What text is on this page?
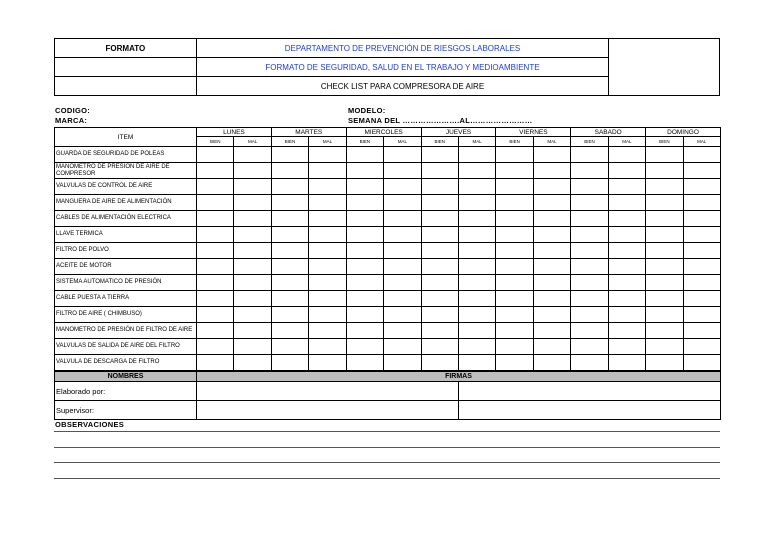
FORMATO	DEPARTAMENTO DE PREVENCIÓN DE RIESGOS LABORALES	
	FORMATO DE SEGURIDAD, SALUD EN EL TRABAJO Y MEDIOAMBIENTE	
	CHECK LIST PARA COMPRESORA DE AIRE	
CODIGO:
MARCA:
MODELO:
SEMANA DEL ………………….AL……………………
ITEM	LUNES		MARTES		MIERCOLES		JUEVES		VIERNES		SABADO		DOMINGO	
	BIEN	MAL	BIEN	MAL	BIEN	MAL	BIEN	MAL	BIEN	MAL	BIEN	MAL	BIEN	MAL
GUARDA DE SEGURIDAD DE POLEAS														
MANOMETRO DE PRESIÓN DE AIRE DE COMPRESOR														
VALVULAS DE CONTROL DE AIRE														
MANGUERA DE AIRE DE ALIMENTACIÓN														
CABLES DE ALIMENTACIÓN ELECTRICA														
LLAVE TERMICA														
FILTRO DE POLVO														
ACEITE DE MOTOR														
SISTEMA AUTOMATICO DE PRESIÓN														
CABLE PUESTA A TIERRA														
FILTRO DE AIRE ( CHIMBUSO)														
MANOMETRO DE PRESIÓN DE FILTRO DE AIRE														
VALVULAS DE SALIDA DE AIRE DEL FILTRO														
VALVULA DE DESCARGA DE FILTRO														
NOMBRES	FIRMAS	
Elaborado por:		
Supervisor:		
OBSERVACIONES
